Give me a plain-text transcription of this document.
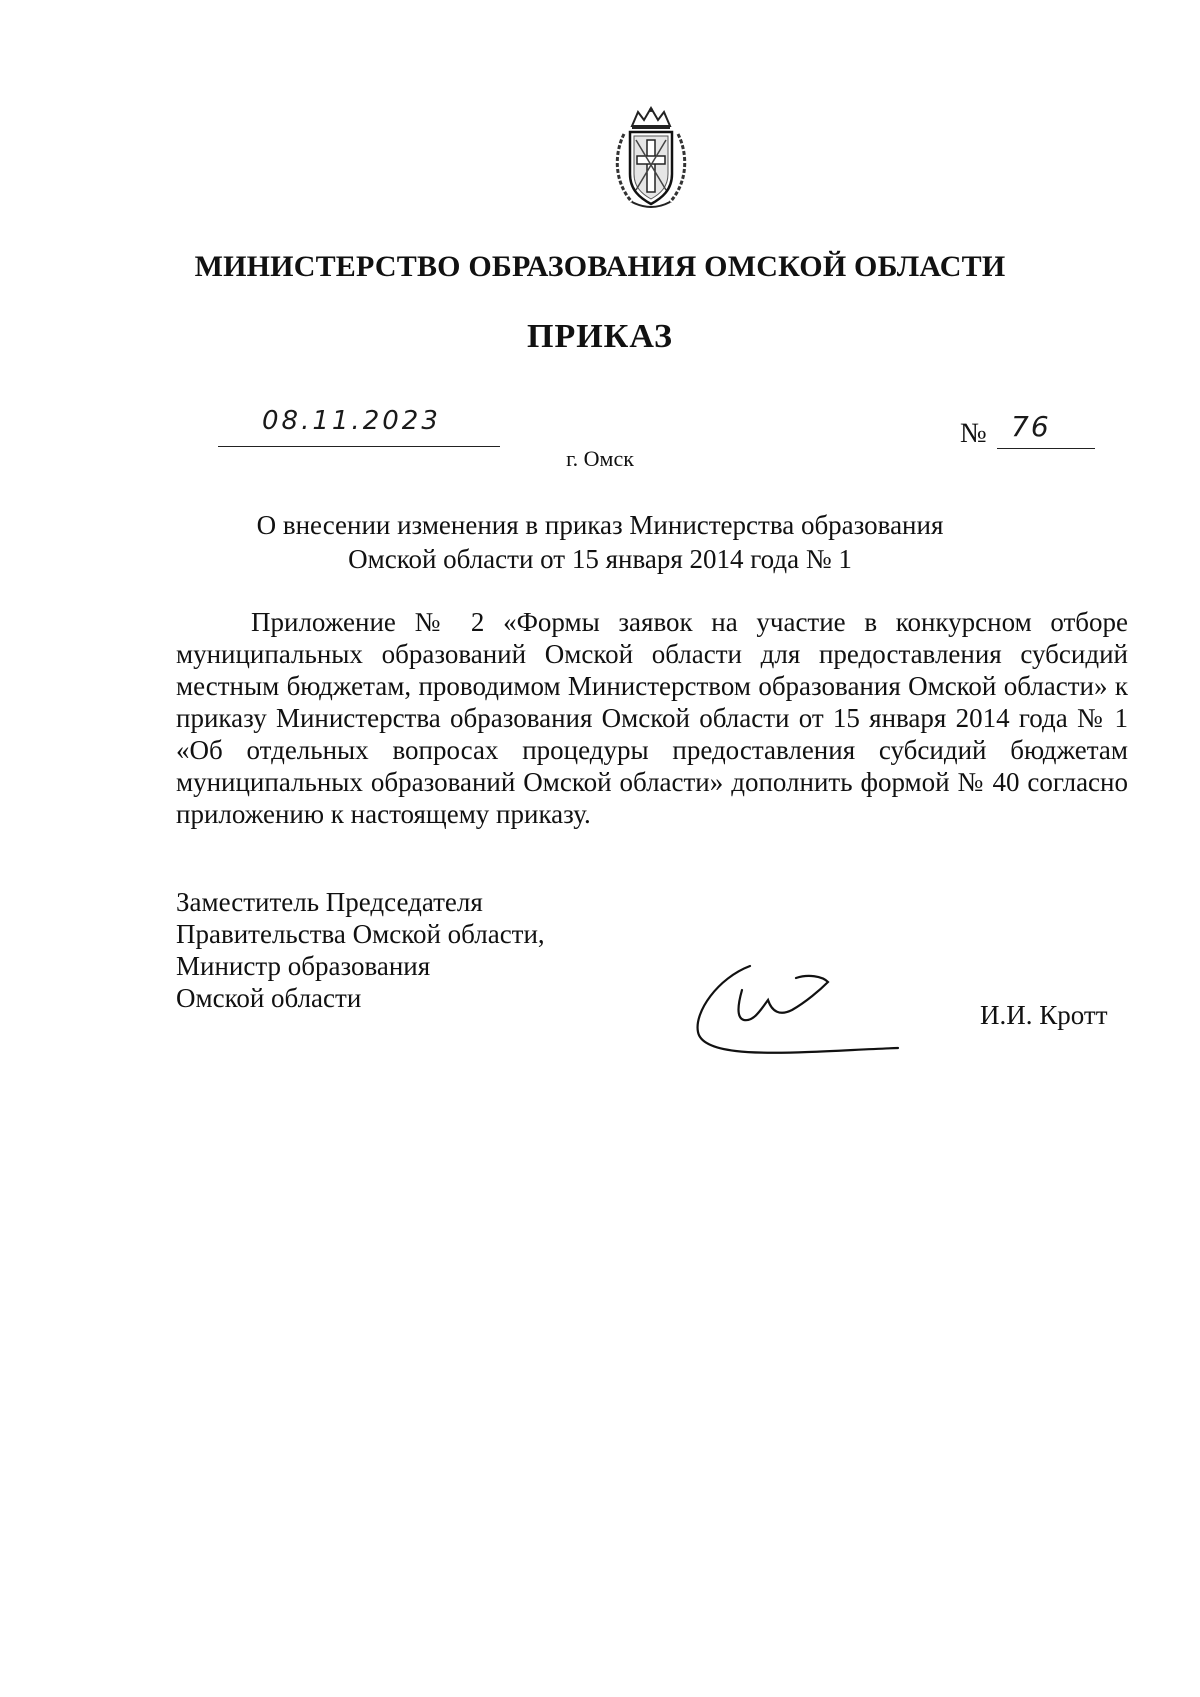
МИНИСТЕРСТВО ОБРАЗОВАНИЯ ОМСКОЙ ОБЛАСТИ
ПРИКАЗ
08.11.2023	№ 76
г. Омск
О внесении изменения в приказ Министерства образования
Омской области от 15 января 2014 года № 1

Приложение № 2 «Формы заявок на участие в конкурсном отборе муниципальных образований Омской области для предоставления субсидий местным бюджетам, проводимом Министерством образования Омской области» к приказу Министерства образования Омской области от 15 января 2014 года № 1 «Об отдельных вопросах процедуры предоставления субсидий бюджетам муниципальных образований Омской области» дополнить формой № 40 согласно приложению к настоящему приказу.

Заместитель Председателя
Правительства Омской области,
Министр образования
Омской области
И.И. Кротт
